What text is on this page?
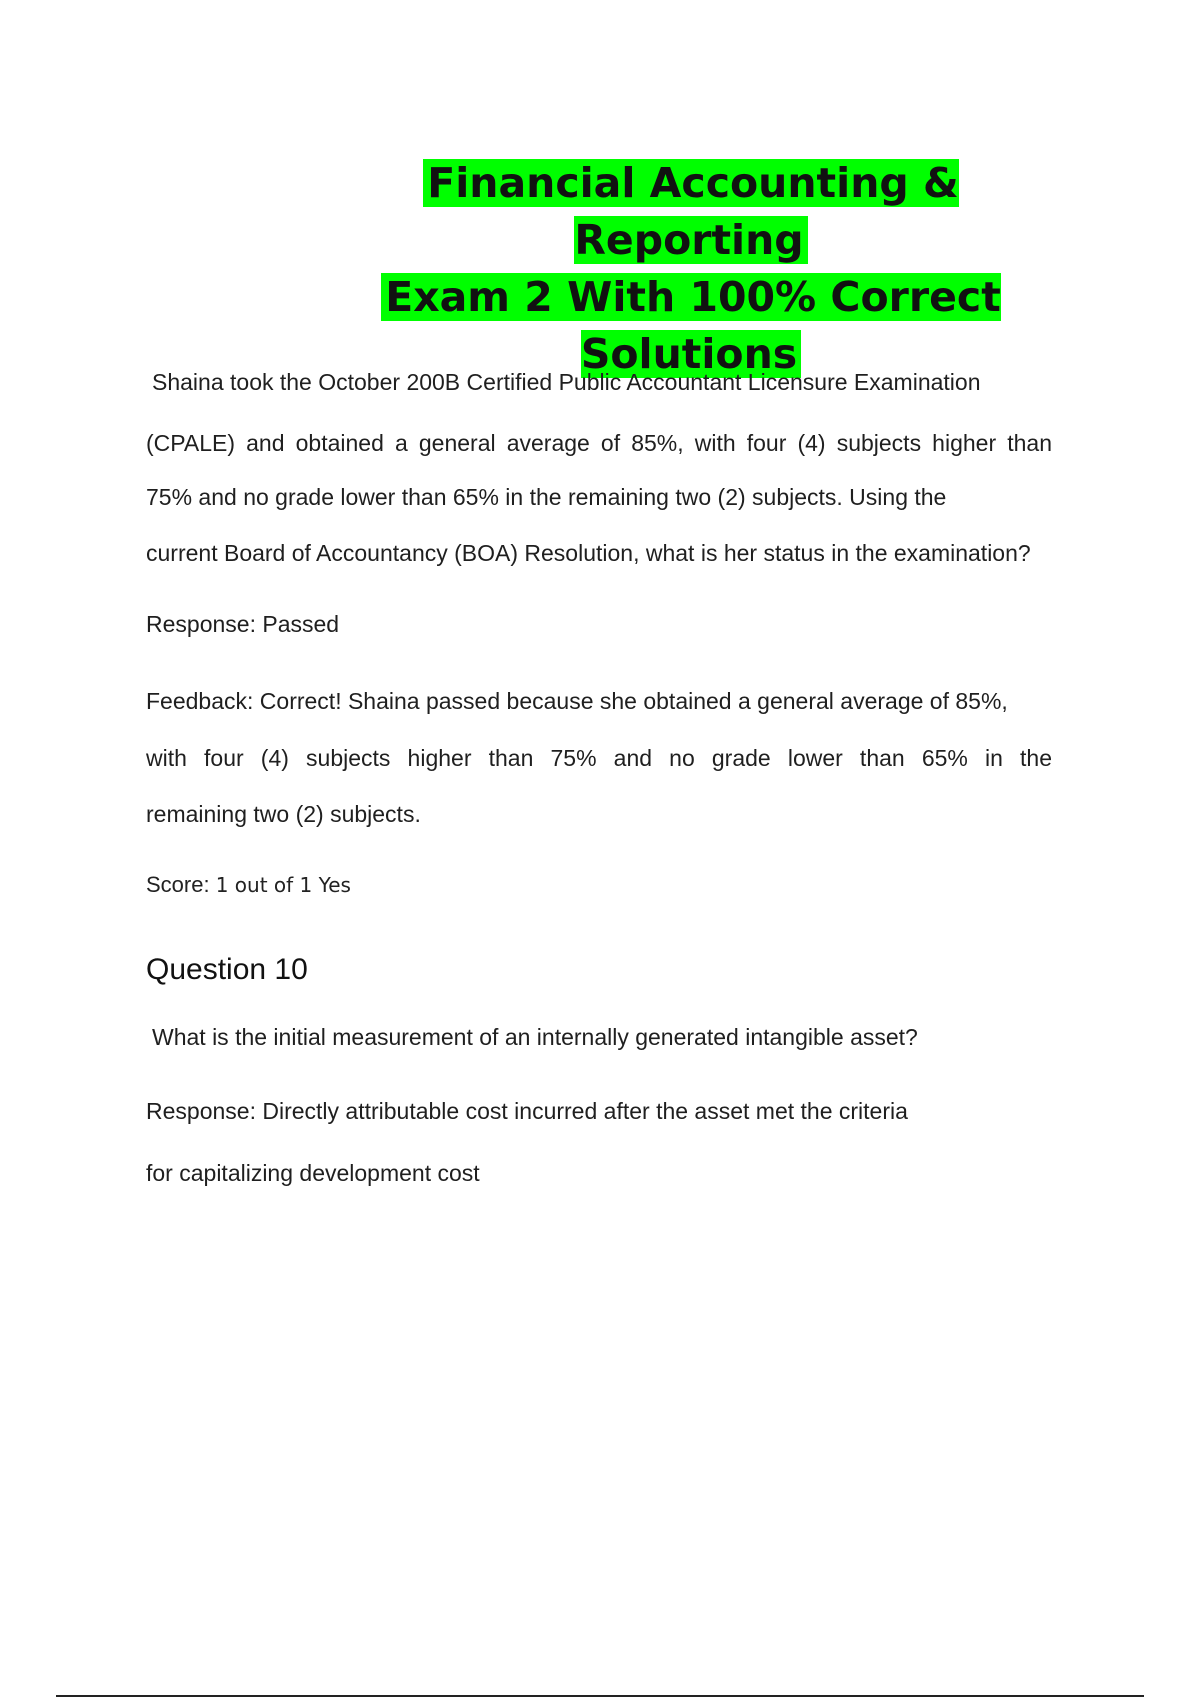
Financial Accounting & Reporting
Exam 2 With 100% Correct Solutions
Shaina took the October 200B Certified Public Accountant Licensure Examination
(CPALE) and obtained a general average of 85%, with four (4) subjects higher than
75% and no grade lower than 65% in the remaining two (2) subjects. Using the
current Board of Accountancy (BOA) Resolution, what is her status in the examination?
Response: Passed
Feedback: Correct! Shaina passed because she obtained a general average of 85%,
with four (4) subjects higher than 75% and no grade lower than 65% in the
remaining two (2) subjects.
Score: 1 out of 1 Yes
Question 10
What is the initial measurement of an internally generated intangible asset?
Response: Directly attributable cost incurred after the asset met the criteria
for capitalizing development cost
